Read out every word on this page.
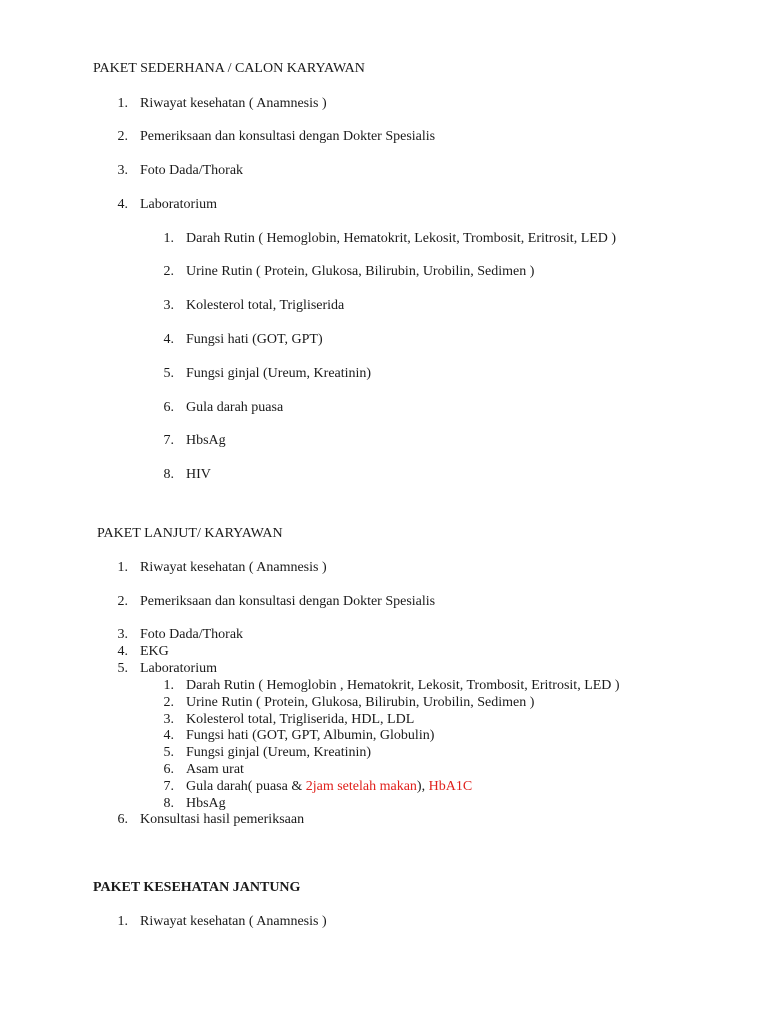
PAKET SEDERHANA / CALON KARYAWAN
1. Riwayat kesehatan ( Anamnesis )
2. Pemeriksaan dan konsultasi dengan Dokter Spesialis
3. Foto Dada/Thorak
4. Laboratorium
1. Darah Rutin ( Hemoglobin, Hematokrit, Lekosit, Trombosit, Eritrosit, LED )
2. Urine Rutin ( Protein, Glukosa, Bilirubin, Urobilin, Sedimen )
3. Kolesterol total, Trigliserida
4. Fungsi hati (GOT, GPT)
5. Fungsi ginjal (Ureum, Kreatinin)
6. Gula darah puasa
7. HbsAg
8. HIV
PAKET LANJUT/ KARYAWAN
1. Riwayat kesehatan ( Anamnesis )
2. Pemeriksaan dan konsultasi dengan Dokter Spesialis
3. Foto Dada/Thorak
4. EKG
5. Laboratorium
1. Darah Rutin ( Hemoglobin , Hematokrit, Lekosit, Trombosit, Eritrosit, LED )
2. Urine Rutin ( Protein, Glukosa, Bilirubin, Urobilin, Sedimen )
3. Kolesterol total, Trigliserida, HDL, LDL
4. Fungsi hati (GOT, GPT, Albumin, Globulin)
5. Fungsi ginjal (Ureum, Kreatinin)
6. Asam urat
7. Gula darah( puasa & 2jam setelah makan), HbA1C
8. HbsAg
6. Konsultasi hasil pemeriksaan
PAKET KESEHATAN JANTUNG
1. Riwayat kesehatan ( Anamnesis )
